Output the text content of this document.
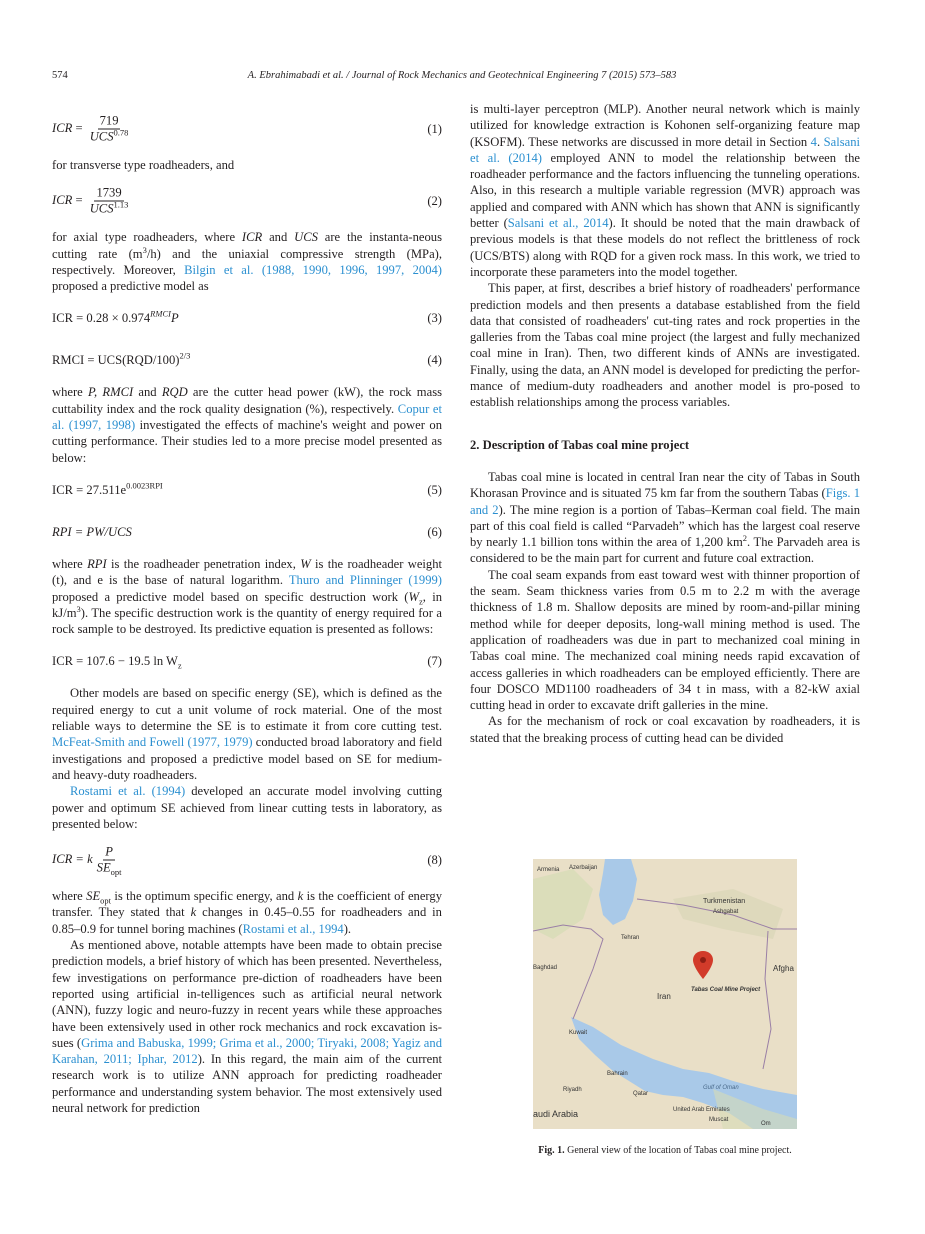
574	A. Ebrahimabadi et al. / Journal of Rock Mechanics and Geotechnical Engineering 7 (2015) 573–583
ICR = $\frac{719}{UCS^{0.78}}$	(1)

for transverse type roadheaders, and

ICR = $\frac{1739}{UCS^{1.13}}$	(2)

for axial type roadheaders, where ICR and UCS are the instanta-neous cutting rate $(m^3/h)$ and the uniaxial compressive strength (MPa), respectively. Moreover, Bilgin et al. (1988, 1990, 1996, 1997, 2004) proposed a predictive model as

ICR = $0.28 \times 0.974^{RMCI}P$	(3)
RMCI = $UCS(RQD/100)^{2/3}$	(4)

where P, RMCI and RQD are the cutter head power (kW), the rock mass cuttability index and the rock quality designation (%), respectively. Copur et al. (1997, 1998) investigated the effects of machine's weight and power on cutting performance. Their studies led to a more precise model presented as below:

ICR = $27.511e^{0.0023RPI}$	(5)
RPI = PW/UCS	(6)

where RPI is the roadheader penetration index, W is the roadheader weight (t), and e is the base of natural logarithm. Thuro and Plinninger (1999) proposed a predictive model based on specific destruction work ($W_z$, in $kJ/m^3$). The specific destruction work is the quantity of energy required for a rock sample to be destroyed. Its predictive equation is presented as follows:

ICR = 107.6 − 19.5 $\ln W_z$	(7)

Other models are based on specific energy (SE), which is defined as the required energy to cut a unit volume of rock material. One of the most reliable ways to determine the SE is to estimate it from core cutting test. McFeat-Smith and Fowell (1977, 1979) conducted broad laboratory and field investigations and proposed a predictive model based on SE for medium- and heavy-duty roadheaders.

Rostami et al. (1994) developed an accurate model involving cutting power and optimum SE achieved from linear cutting tests in laboratory, as presented below:

ICR = k $\frac{P}{SE_{opt}}$	(8)

where $SE_{opt}$ is the optimum specific energy, and k is the coefficient of energy transfer. They stated that k changes in 0.45–0.55 for roadheaders and in 0.85–0.9 for tunnel boring machines (Rostami et al., 1994).

As mentioned above, notable attempts have been made to obtain precise prediction models, a brief history of which has been presented. Nevertheless, few investigations on performance pre-diction of roadheaders have been reported using artificial in-telligences such as artificial neural network (ANN), fuzzy logic and neuro-fuzzy in recent years while these approaches have been extensively used in other rock mechanics and rock excavation is-sues (Grima and Babuska, 1999; Grima et al., 2000; Tiryaki, 2008; Yagiz and Karahan, 2011; Iphar, 2012). In this regard, the main aim of the current research work is to utilize ANN approach for predicting roadheader performance and understanding system behavior. The most extensively used neural network for prediction

is multi-layer perceptron (MLP). Another neural network which is mainly utilized for knowledge extraction is Kohonen self-organizing feature map (KSOFM). These networks are discussed in more detail in Section 4. Salsani et al. (2014) employed ANN to model the relationship between the roadheader performance and the factors influencing the tunneling operations. Also, in this research a multiple variable regression (MVR) approach was applied and compared with ANN which has shown that ANN is significantly better (Salsani et al., 2014). It should be noted that the main drawback of previous models is that these models do not reflect the brittleness of rock (UCS/BTS) along with RQD for a given rock mass. In this work, we tried to incorporate these parameters into the model together.

This paper, at first, describes a brief history of roadheaders' performance prediction models and then presents a database established from the field data that consisted of roadheaders' cut-ting rates and rock properties in the galleries from the Tabas coal mine project (the largest and fully mechanized coal mine in Iran). Then, two different kinds of ANNs are investigated. Finally, using the data, an ANN model is developed for predicting the perfor-mance of medium-duty roadheaders and another model is pro-posed to establish relationships among the process variables.

2. Description of Tabas coal mine project

Tabas coal mine is located in central Iran near the city of Tabas in South Khorasan Province and is situated 75 km far from the southern Tabas (Figs. 1 and 2). The mine region is a portion of Tabas–Kerman coal field. The main part of this coal field is called “Parvadeh” which has the largest coal reserve by nearly 1.1 billion tons within the area of 1,200 $km^2$. The Parvadeh area is considered to be the main part for current and future coal extraction.

The coal seam expands from east toward west with thinner proportion of the seam. Seam thickness varies from 0.5 m to 2.2 m with the average thickness of 1.8 m. Shallow deposits are mined by room-and-pillar mining method while for deeper deposits, long-wall mining method is used. The application of roadheaders was due in part to mechanized coal mining in Tabas coal mine. The mechanized coal mining needs rapid excavation of access galleries in which roadheaders can be employed efficiently. There are four DOSCO MD1100 roadheaders of 34 t in mass, with a 82-kW axial cutting head in order to excavate drift galleries in the mine.

As for the mechanism of rock or coal excavation by roadheaders, it is stated that the breaking process of cutting head can be divided

Armenia Azerbaijan
Turkmenistan
Ashgabat
Tehran
Baghdad
Tabas Coal Mine Project
Afgha
Iran
Kuwait
Riyadh
Bahrain
Qatar
Gulf of Oman
United Arab Emirates
Muscat
audi Arabia
Om
Fig. 1. General view of the location of Tabas coal mine project.
